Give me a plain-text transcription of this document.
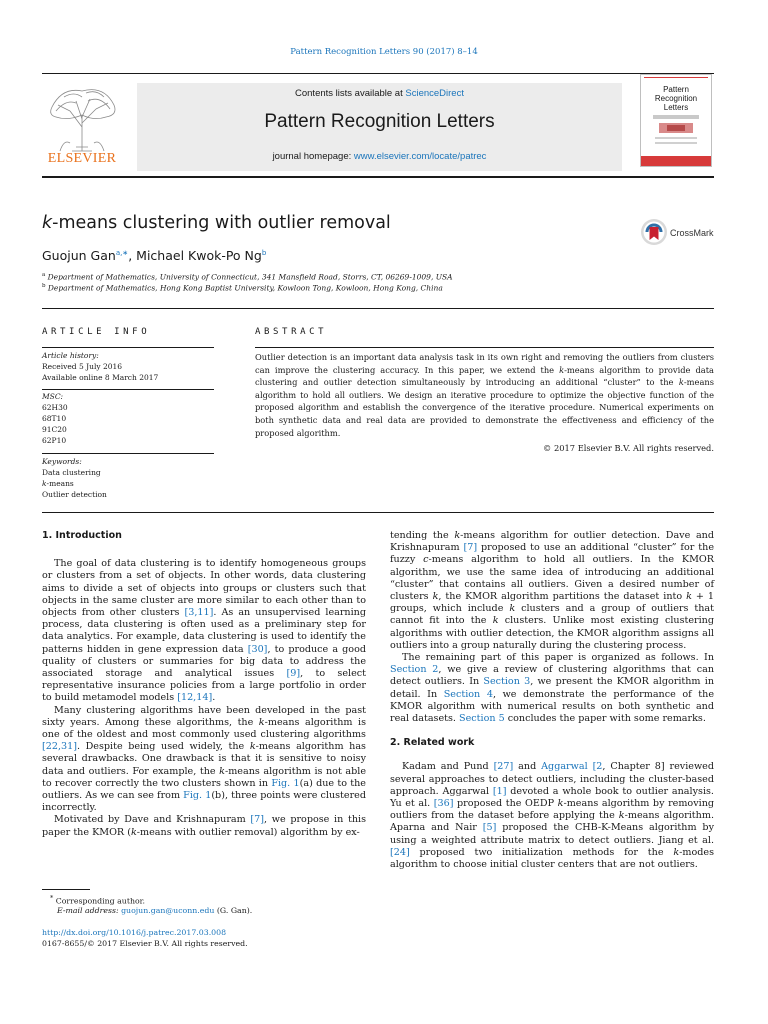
Pattern Recognition Letters 90 (2017) 8–14
ELSEVIER
Contents lists available at ScienceDirect
Pattern Recognition Letters
journal homepage: www.elsevier.com/locate/patrec
Pattern Recognition Letters
k-means clustering with outlier removal	CrossMark
Guojun Gan$^{a,∗}$, Michael Kwok-Po Ng$^b$
$^a$ Department of Mathematics, University of Connecticut, 341 Mansfield Road, Storrs, CT, 06269-1009, USA
$^b$ Department of Mathematics, Hong Kong Baptist University, Kowloon Tong, Kowloon, Hong Kong, China
ARTICLE INFO	ABSTRACT
Article history:
Received 5 July 2016
Available online 8 March 2017
MSC:
62H30
68T10
91C20
62P10
Keywords:
Data clustering
k-means
Outlier detection
Outlier detection is an important data analysis task in its own right and removing the outliers from clusters can improve the clustering accuracy. In this paper, we extend the k-means algorithm to provide data clustering and outlier detection simultaneously by introducing an additional “cluster” to the k-means algorithm to hold all outliers. We design an iterative procedure to optimize the objective function of the proposed algorithm and establish the convergence of the iterative procedure. Numerical experiments on both synthetic data and real data are provided to demonstrate the effectiveness and efficiency of the proposed algorithm.
© 2017 Elsevier B.V. All rights reserved.

1. Introduction

The goal of data clustering is to identify homogeneous groups or clusters from a set of objects. In other words, data clustering aims to divide a set of objects into groups or clusters such that objects in the same cluster are more similar to each other than to objects from other clusters [3,11]. As an unsupervised learning process, data clustering is often used as a preliminary step for data analytics. For example, data clustering is used to identify the patterns hidden in gene expression data [30], to produce a good quality of clusters or summaries for big data to address the associated storage and analytical issues [9], to select representative insurance policies from a large portfolio in order to build metamodel models [12,14].

Many clustering algorithms have been developed in the past sixty years. Among these algorithms, the k-means algorithm is one of the oldest and most commonly used clustering algorithms [22,31]. Despite being used widely, the k-means algorithm has several drawbacks. One drawback is that it is sensitive to noisy data and outliers. For example, the k-means algorithm is not able to recover correctly the two clusters shown in Fig. 1(a) due to the outliers. As we can see from Fig. 1(b), three points were clustered incorrectly.

Motivated by Dave and Krishnapuram [7], we propose in this paper the KMOR (k-means with outlier removal) algorithm by ex-

tending the k-means algorithm for outlier detection. Dave and Krishnapuram [7] proposed to use an additional “cluster” for the fuzzy c-means algorithm to hold all outliers. In the KMOR algorithm, we use the same idea of introducing an additional “cluster” that contains all outliers. Given a desired number of clusters k, the KMOR algorithm partitions the dataset into k + 1 groups, which include k clusters and a group of outliers that cannot fit into the k clusters. Unlike most existing clustering algorithms with outlier detection, the KMOR algorithm assigns all outliers into a group naturally during the clustering process.

The remaining part of this paper is organized as follows. In Section 2, we give a review of clustering algorithms that can detect outliers. In Section 3, we present the KMOR algorithm in detail. In Section 4, we demonstrate the performance of the KMOR algorithm with numerical results on both synthetic and real datasets. Section 5 concludes the paper with some remarks.

2. Related work

Kadam and Pund [27] and Aggarwal [2, Chapter 8] reviewed several approaches to detect outliers, including the cluster-based approach. Aggarwal [1] devoted a whole book to outlier analysis. Yu et al. [36] proposed the OEDP k-means algorithm by removing outliers from the dataset before applying the k-means algorithm. Aparna and Nair [5] proposed the CHB-K-Means algorithm by using a weighted attribute matrix to detect outliers. Jiang et al. [24] proposed two initialization methods for the k-modes algorithm to choose initial cluster centers that are not outliers.

* Corresponding author.
E-mail address: guojun.gan@uconn.edu (G. Gan).
http://dx.doi.org/10.1016/j.patrec.2017.03.008
0167-8655/© 2017 Elsevier B.V. All rights reserved.
